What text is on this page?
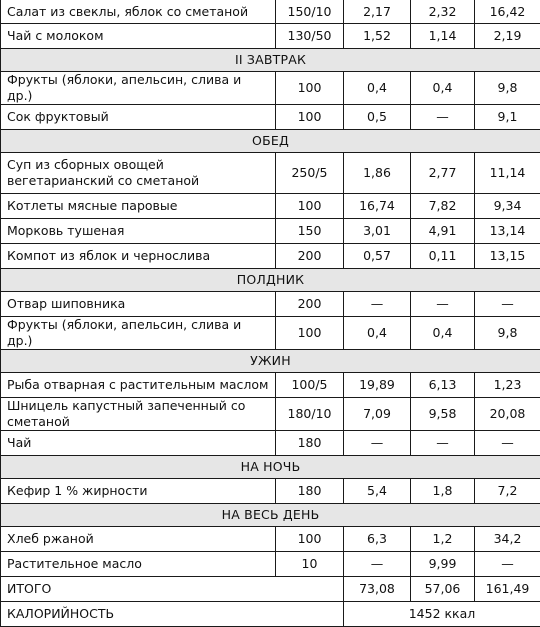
Салат из свеклы, яблок со сметаной	150/10	2,17	2,32	16,42
Чай с молоком	130/50	1,52	1,14	2,19
II ЗАВТРАК				
Фрукты (яблоки, апельсин, слива и др.)	100	0,4	0,4	9,8
Сок фруктовый	100	0,5	—	9,1
ОБЕД				
Суп из сборных овощей вегетарианский со сметаной	250/5	1,86	2,77	11,14
Котлеты мясные паровые	100	16,74	7,82	9,34
Морковь тушеная	150	3,01	4,91	13,14
Компот из яблок и чернослива	200	0,57	0,11	13,15
ПОЛДНИК				
Отвар шиповника	200	—	—	—
Фрукты (яблоки, апельсин, слива и др.)	100	0,4	0,4	9,8
УЖИН				
Рыба отварная с растительным маслом	100/5	19,89	6,13	1,23
Шницель капустный запеченный со сметаной	180/10	7,09	9,58	20,08
Чай	180	—	—	—
НА НОЧЬ				
Кефир 1 % жирности	180	5,4	1,8	7,2
НА ВЕСЬ ДЕНЬ				
Хлеб ржаной	100	6,3	1,2	34,2
Растительное масло	10	—	9,99	—
ИТОГО		73,08	57,06	161,49
КАЛОРИЙНОСТЬ		1452 ккал		
